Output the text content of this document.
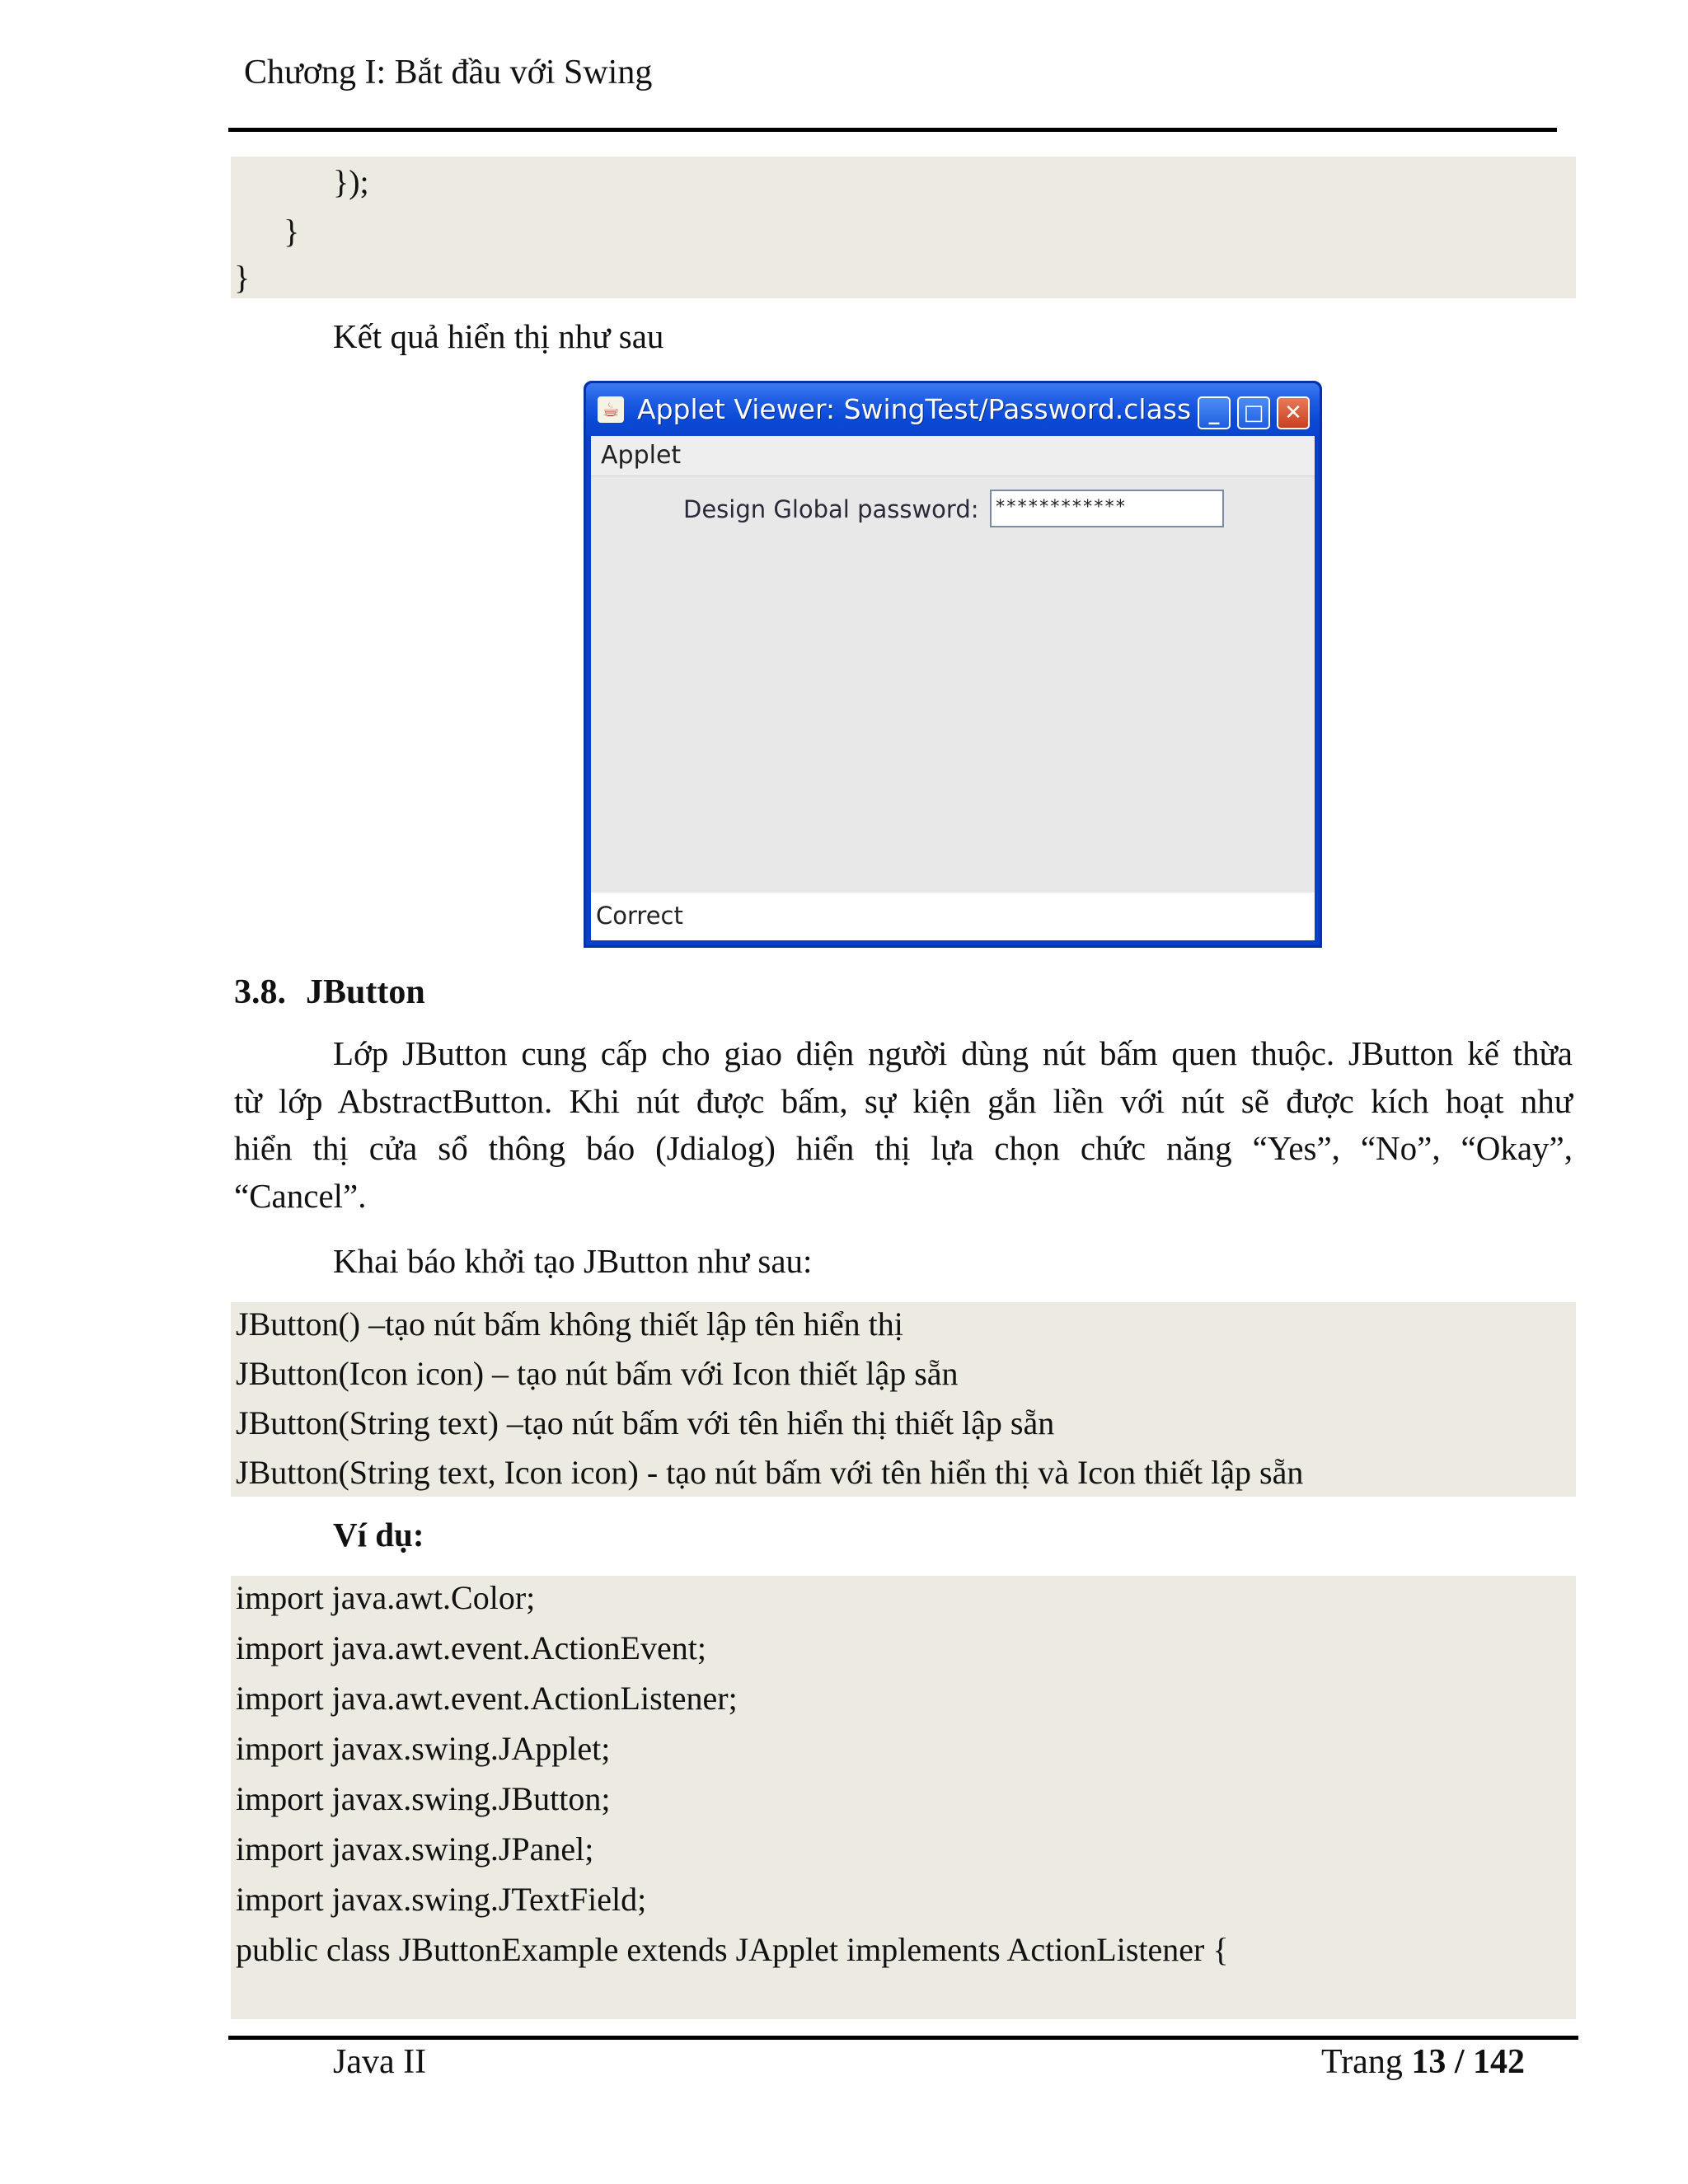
Chương I: Bắt đầu với Swing
});
}
}
Kết quả hiển thị như sau
☕ Applet Viewer: SwingTest/Password.class _	□ ✕
Applet
Design Global password: ************
Correct
3.8. JButton
Lớp JButton cung cấp cho giao diện người dùng nút bấm quen thuộc. JButton kế thừa
từ lớp AbstractButton. Khi nút được bấm, sự kiện gắn liền với nút sẽ được kích hoạt như
hiển thị cửa sổ thông báo (Jdialog) hiển thị lựa chọn chức năng “Yes”, “No”, “Okay”,
“Cancel”.
Khai báo khởi tạo JButton như sau:
JButton() –tạo nút bấm không thiết lập tên hiển thị
JButton(Icon icon) – tạo nút bấm với Icon thiết lập sẵn
JButton(String text) –tạo nút bấm với tên hiển thị thiết lập sẵn
JButton(String text, Icon icon) - tạo nút bấm với tên hiển thị và Icon thiết lập sẵn
Ví dụ:
import java.awt.Color;
import java.awt.event.ActionEvent;
import java.awt.event.ActionListener;
import javax.swing.JApplet;
import javax.swing.JButton;
import javax.swing.JPanel;
import javax.swing.JTextField;
public class JButtonExample extends JApplet implements ActionListener {
Java II	Trang 13 / 142
